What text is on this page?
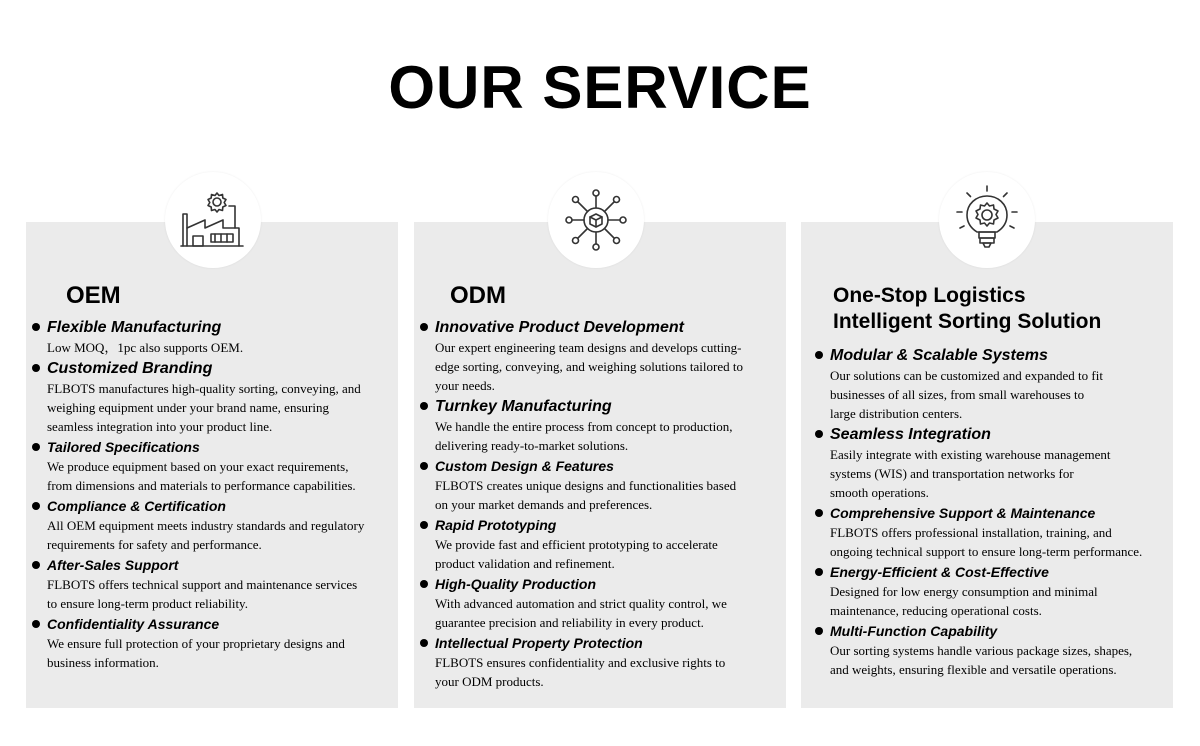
OUR SERVICE
OEM
Flexible Manufacturing
Low MOQ，1pc also supports OEM.
Customized Branding
FLBOTS manufactures high-quality sorting, conveying, and
weighing equipment under your brand name, ensuring
seamless integration into your product line.
Tailored Specifications
We produce equipment based on your exact requirements,
from dimensions and materials to performance capabilities.
Compliance & Certification
All OEM equipment meets industry standards and regulatory
requirements for safety and performance.
After-Sales Support
FLBOTS offers technical support and maintenance services
to ensure long-term product reliability.
Confidentiality Assurance
We ensure full protection of your proprietary designs and
business information.
ODM
Innovative Product Development
Our expert engineering team designs and develops cutting-
edge sorting, conveying, and weighing solutions tailored to
your needs.
Turnkey Manufacturing
We handle the entire process from concept to production,
delivering ready-to-market solutions.
Custom Design & Features
FLBOTS creates unique designs and functionalities based
on your market demands and preferences.
Rapid Prototyping
We provide fast and efficient prototyping to accelerate
product validation and refinement.
High-Quality Production
With advanced automation and strict quality control, we
guarantee precision and reliability in every product.
Intellectual Property Protection
FLBOTS ensures confidentiality and exclusive rights to
your ODM products.
One-Stop Logistics
Intelligent Sorting Solution
Modular & Scalable Systems
Our solutions can be customized and expanded to fit
businesses of all sizes, from small warehouses to
large distribution centers.
Seamless Integration
Easily integrate with existing warehouse management
systems (WIS) and transportation networks for
smooth operations.
Comprehensive Support & Maintenance
FLBOTS offers professional installation, training, and
ongoing technical support to ensure long-term performance.
Energy-Efficient & Cost-Effective
Designed for low energy consumption and minimal
maintenance, reducing operational costs.
Multi-Function Capability
Our sorting systems handle various package sizes, shapes,
and weights, ensuring flexible and versatile operations.
